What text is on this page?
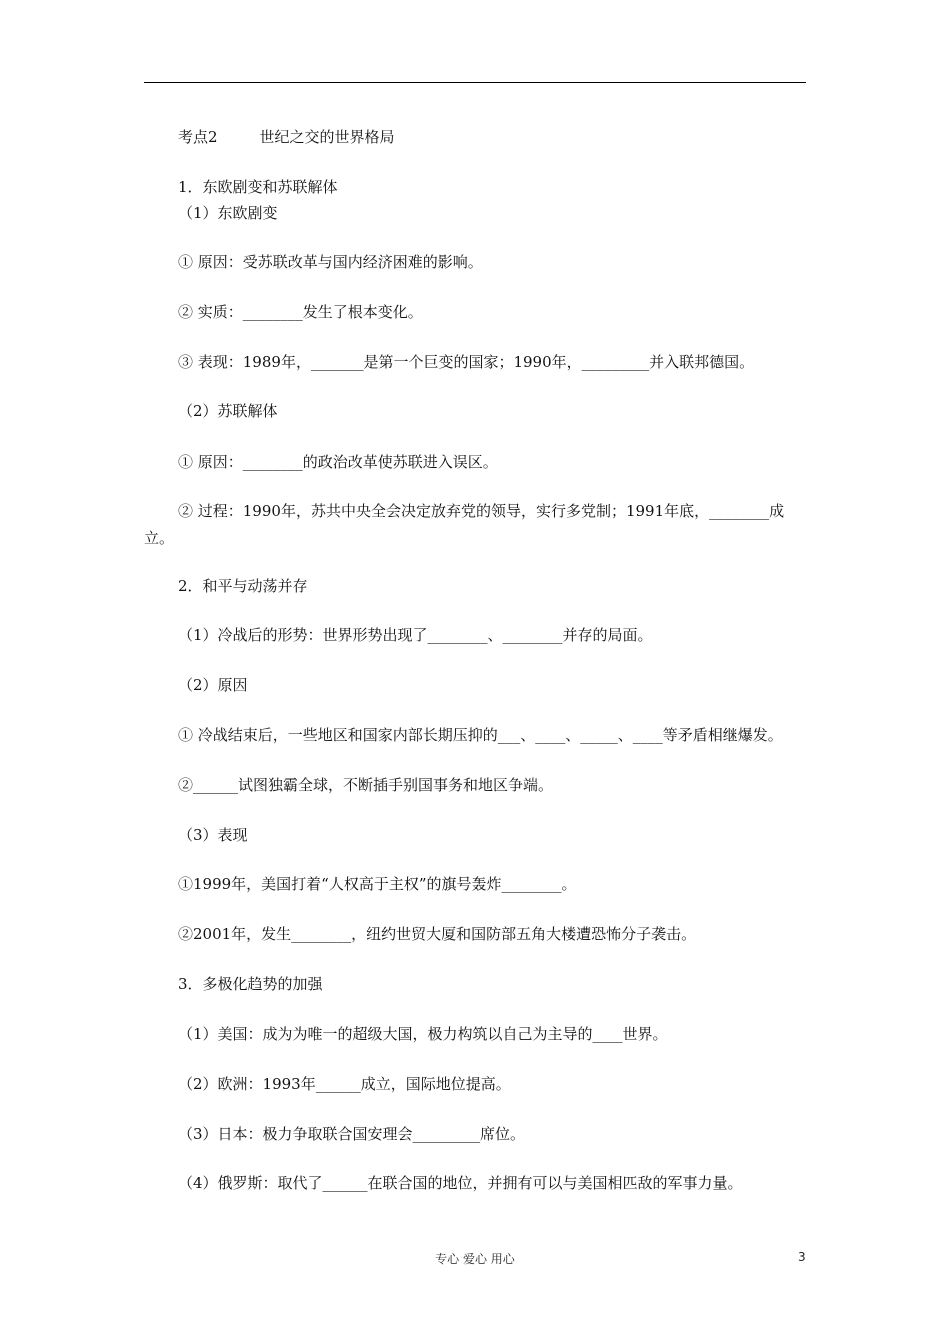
考点2	世纪之交的世界格局
1．东欧剧变和苏联解体
（1）东欧剧变
① 原因：受苏联改革与国内经济困难的影响。
② 实质：________发生了根本变化。
③ 表现：1989年，_______是第一个巨变的国家；1990年，_________并入联邦德国。
（2）苏联解体
① 原因：________的政治改革使苏联进入误区。
② 过程：1990年，苏共中央全会决定放弃党的领导，实行多党制；1991年底，________成立。
2．和平与动荡并存
（1）冷战后的形势：世界形势出现了________、________并存的局面。
（2）原因
① 冷战结束后，一些地区和国家内部长期压抑的___、____、_____、____等矛盾相继爆发。
②______试图独霸全球，不断插手别国事务和地区争端。
（3）表现
①1999年，美国打着“人权高于主权”的旗号轰炸________。
②2001年，发生________，纽约世贸大厦和国防部五角大楼遭恐怖分子袭击。
3．多极化趋势的加强
（1）美国：成为为唯一的超级大国，极力构筑以自己为主导的____世界。
（2）欧洲：1993年______成立，国际地位提高。
（3）日本：极力争取联合国安理会_________席位。
（4）俄罗斯：取代了______在联合国的地位，并拥有可以与美国相匹敌的军事力量。
专心 爱心 用心	3
